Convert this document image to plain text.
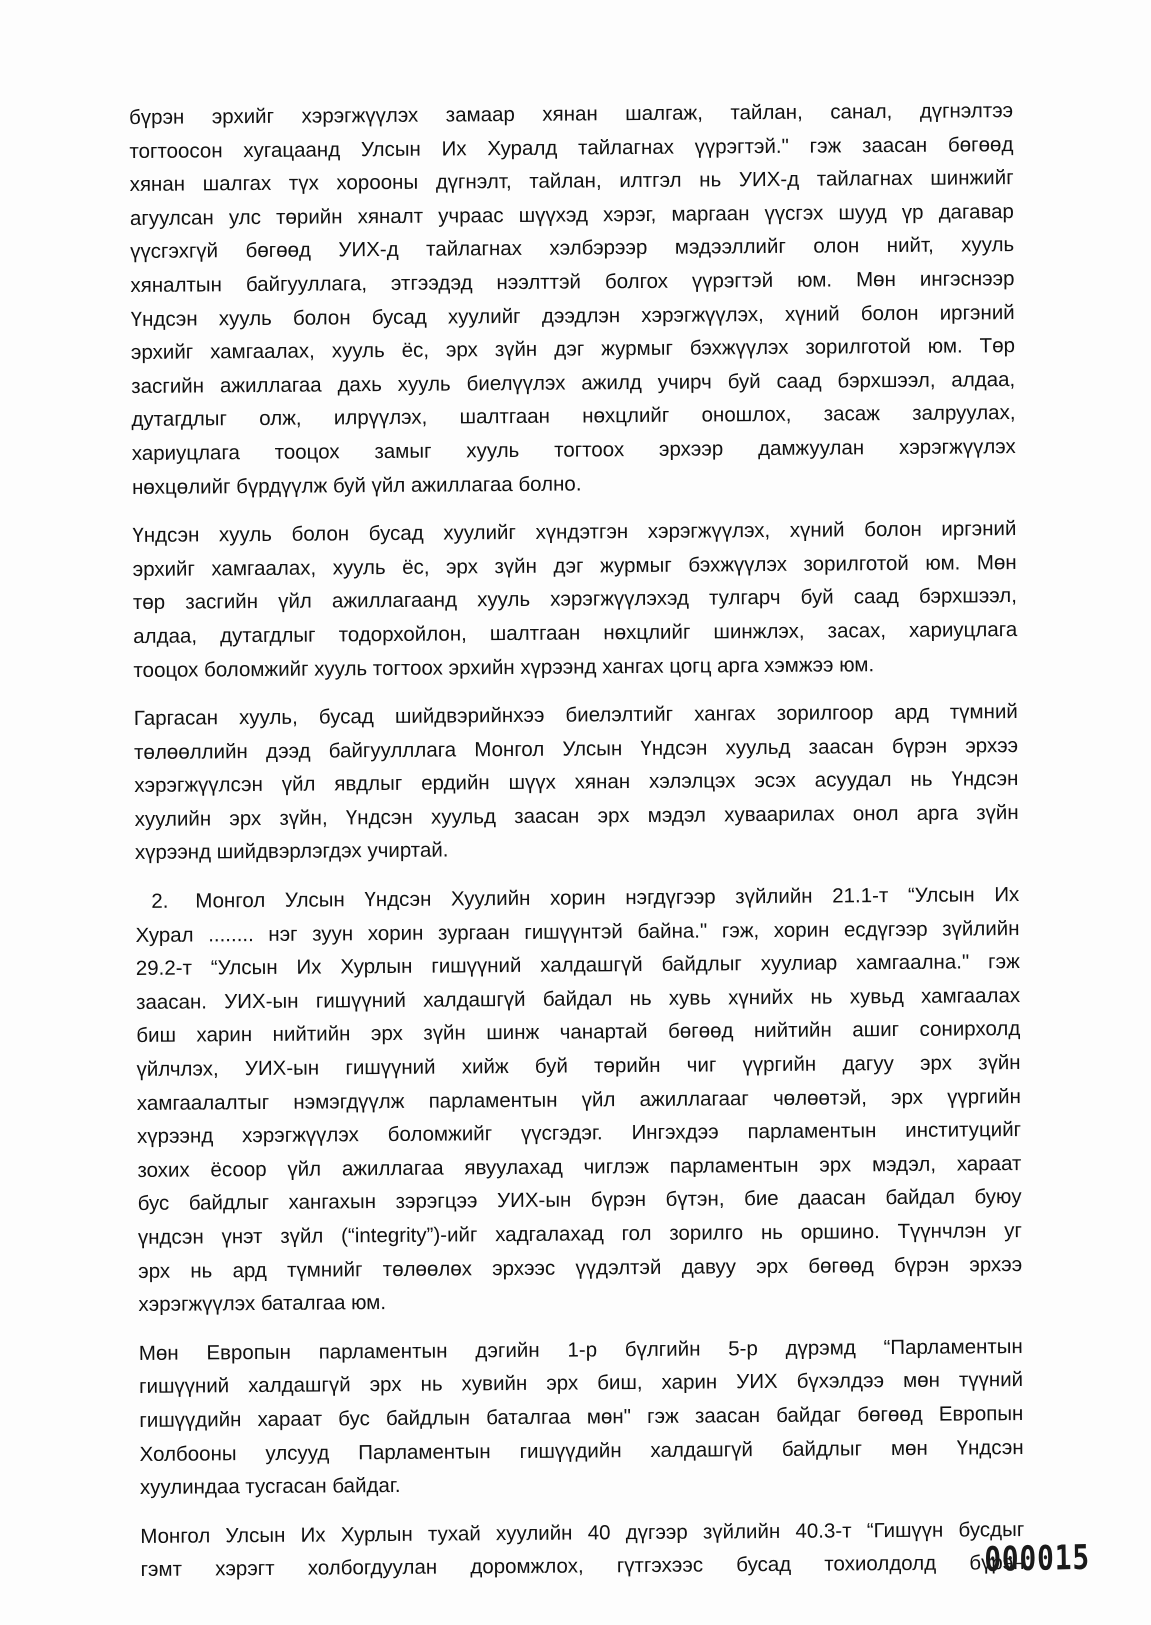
бүрэн эрхийг хэрэгжүүлэх замаар хянан шалгаж, тайлан, санал, дүгнэлтээ
тогтоосон хугацаанд Улсын Их Хуралд тайлагнах үүрэгтэй." гэж заасан бөгөөд
хянан шалгах түх хорооны дүгнэлт, тайлан, илтгэл нь УИХ-д тайлагнах шинжийг
агуулсан улс төрийн хяналт учраас шүүхэд хэрэг, маргаан үүсгэх шууд үр дагавар
үүсгэхгүй бөгөөд УИХ-д тайлагнах хэлбэрээр мэдээллийг олон нийт, хууль
хяналтын байгууллага, этгээдэд нээлттэй болгох үүрэгтэй юм. Мөн ингэснээр
Үндсэн хууль болон бусад хуулийг дээдлэн хэрэгжүүлэх, хүний болон иргэний
эрхийг хамгаалах, хууль ёс, эрх зүйн дэг журмыг бэхжүүлэх зорилготой юм. Төр
засгийн ажиллагаа дахь хууль биелүүлэх ажилд учирч буй саад бэрхшээл, алдаа,
дутагдлыг олж, илрүүлэх, шалтгаан нөхцлийг оношлох, засаж залруулах,
хариуцлага тооцох замыг хууль тогтоох эрхээр дамжуулан хэрэгжүүлэх
нөхцөлийг бүрдүүлж буй үйл ажиллагаа болно.
Үндсэн хууль болон бусад хуулийг хүндэтгэн хэрэгжүүлэх, хүний болон иргэний
эрхийг хамгаалах, хууль ёс, эрх зүйн дэг журмыг бэхжүүлэх зорилготой юм. Мөн
төр засгийн үйл ажиллагаанд хууль хэрэгжүүлэхэд тулгарч буй саад бэрхшээл,
алдаа, дутагдлыг тодорхойлон, шалтгаан нөхцлийг шинжлэх, засах, хариуцлага
тооцох боломжийг хууль тогтоох эрхийн хүрээнд хангах цогц арга хэмжээ юм.
Гаргасан хууль, бусад шийдвэрийнхээ биелэлтийг хангах зорилгоор ард түмний
төлөөллийн дээд байгуулллага Монгол Улсын Үндсэн хуульд заасан бүрэн эрхээ
хэрэгжүүлсэн үйл явдлыг ердийн шүүх хянан хэлэлцэх эсэх асуудал нь Үндсэн
хуулийн эрх зүйн, Үндсэн хуульд заасан эрх мэдэл хуваарилах онол арга зүйн
хүрээнд шийдвэрлэгдэх учиртай.
2. Монгол Улсын Үндсэн Хуулийн хорин нэгдүгээр зүйлийн 21.1-т “Улсын Их
Хурал ........ нэг зуун хорин зургаан гишүүнтэй байна." гэж, хорин есдүгээр зүйлийн
29.2-т “Улсын Их Хурлын гишүүний халдашгүй байдлыг хуулиар хамгаална." гэж
заасан. УИХ-ын гишүүний халдашгүй байдал нь хувь хүнийх нь хувьд хамгаалах
биш харин нийтийн эрх зүйн шинж чанартай бөгөөд нийтийн ашиг сонирхолд
үйлчлэх, УИХ-ын гишүүний хийж буй төрийн чиг үүргийн дагуу эрх зүйн
хамгаалалтыг нэмэгдүүлж парламентын үйл ажиллагааг чөлөөтэй, эрх үүргийн
хүрээнд хэрэгжүүлэх боломжийг үүсгэдэг. Ингэхдээ парламентын институцийг
зохих ёсоор үйл ажиллагаа явуулахад чиглэж парламентын эрх мэдэл, хараат
бус байдлыг хангахын зэрэгцээ УИХ-ын бүрэн бүтэн, бие даасан байдал буюу
үндсэн үнэт зүйл (“integrity”)-ийг хадгалахад гол зорилго нь оршино. Түүнчлэн уг
эрх нь ард түмнийг төлөөлөх эрхээс үүдэлтэй давуу эрх бөгөөд бүрэн эрхээ
хэрэгжүүлэх баталгаа юм.
Мөн Европын парламентын дэгийн 1-р бүлгийн 5-р дүрэмд “Парламентын
гишүүний халдашгүй эрх нь хувийн эрх биш, харин УИХ бүхэлдээ мөн түүний
гишүүдийн хараат бус байдлын баталгаа мөн" гэж заасан байдаг бөгөөд Европын
Холбооны улсууд Парламентын гишүүдийн халдашгүй байдлыг мөн Үндсэн
хуулиндаа тусгасан байдаг.
Монгол Улсын Их Хурлын тухай хуулийн 40 дүгээр зүйлийн 40.3-т “Гишүүн бусдыг
гэмт хэрэгт холбогдуулан доромжлох, гүтгэхээс бусад тохиолдолд бүрэн
000015
